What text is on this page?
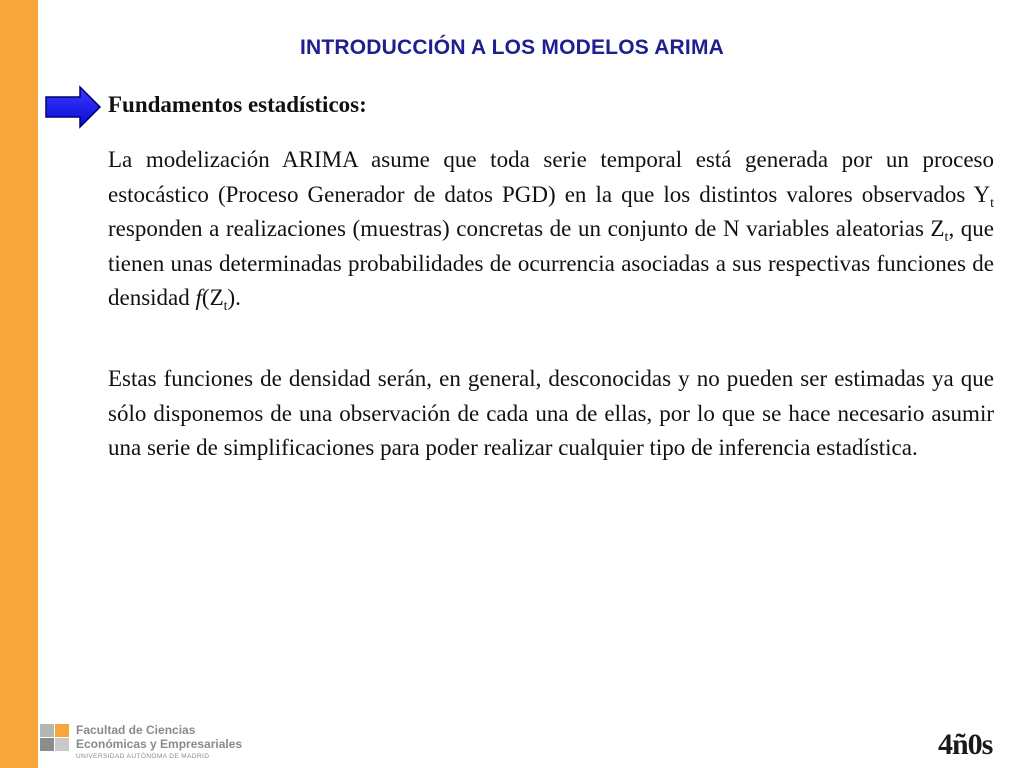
INTRODUCCIÓN A LOS MODELOS ARIMA
Fundamentos estadísticos:
La modelización ARIMA asume que toda serie temporal está generada por un proceso estocástico (Proceso Generador de datos PGD) en la que los distintos valores observados $Y_t$ responden a realizaciones (muestras) concretas de un conjunto de N variables aleatorias $Z_t$, que tienen unas determinadas probabilidades de ocurrencia asociadas a sus respectivas funciones de densidad $f(Z_t)$.
Estas funciones de densidad serán, en general, desconocidas y no pueden ser estimadas ya que sólo disponemos de una observación de cada una de ellas, por lo que se hace necesario asumir una serie de simplificaciones para poder realizar cualquier tipo de inferencia estadística.
Facultad de Ciencias
Económicas y Empresariales
UNIVERSIDAD AUTÓNOMA DE MADRID	4ñ0s
